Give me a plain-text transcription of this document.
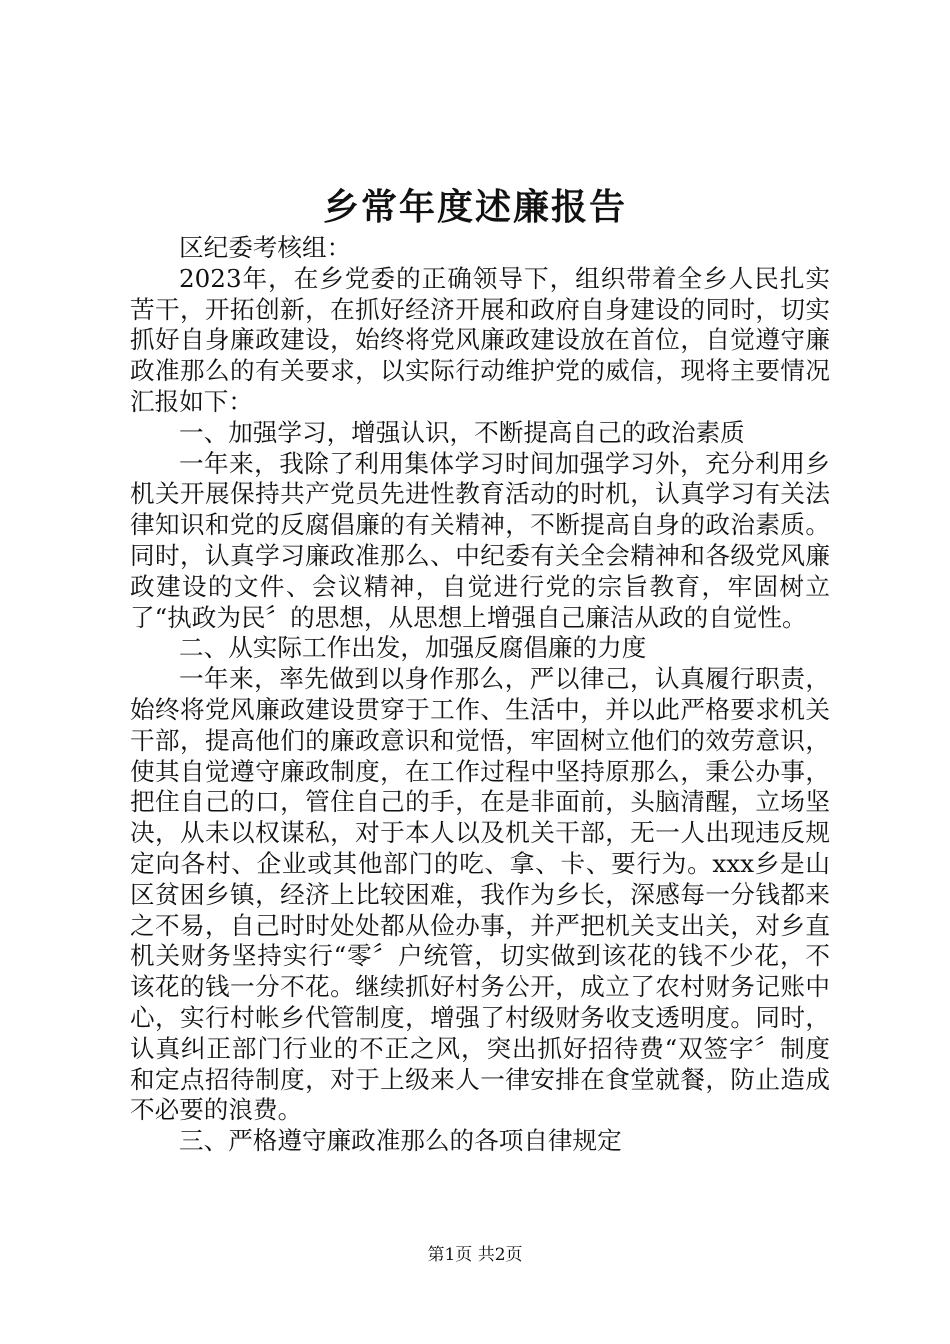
乡常年度述廉报告

区纪委考核组：

2023年，在乡党委的正确领导下，组织带着全乡人民扎实苦干，开拓创新，在抓好经济开展和政府自身建设的同时，切实抓好自身廉政建设，始终将党风廉政建设放在首位，自觉遵守廉政准那么的有关要求，以实际行动维护党的威信，现将主要情况汇报如下：

一、加强学习，增强认识，不断提高自己的政治素质

一年来，我除了利用集体学习时间加强学习外，充分利用乡机关开展保持共产党员先进性教育活动的时机，认真学习有关法律知识和党的反腐倡廉的有关精神，不断提高自身的政治素质。同时，认真学习廉政准那么、中纪委有关全会精神和各级党风廉政建设的文件、会议精神，自觉进行党的宗旨教育，牢固树立了“执政为民〞的思想，从思想上增强自己廉洁从政的自觉性。

二、从实际工作出发，加强反腐倡廉的力度

一年来，率先做到以身作那么，严以律己，认真履行职责，始终将党风廉政建设贯穿于工作、生活中，并以此严格要求机关干部，提高他们的廉政意识和觉悟，牢固树立他们的效劳意识，使其自觉遵守廉政制度，在工作过程中坚持原那么，秉公办事，把住自己的口，管住自己的手，在是非面前，头脑清醒，立场坚决，从未以权谋私，对于本人以及机关干部，无一人出现违反规定向各村、企业或其他部门的吃、拿、卡、要行为。xxx乡是山区贫困乡镇，经济上比较困难，我作为乡长，深感每一分钱都来之不易，自己时时处处都从俭办事，并严把机关支出关，对乡直机关财务坚持实行“零〞户统管，切实做到该花的钱不少花，不该花的钱一分不花。继续抓好村务公开，成立了农村财务记账中心，实行村帐乡代管制度，增强了村级财务收支透明度。同时，认真纠正部门行业的不正之风，突出抓好招待费“双签字〞制度和定点招待制度，对于上级来人一律安排在食堂就餐，防止造成不必要的浪费。

三、严格遵守廉政准那么的各项自律规定

第1页 共2页
